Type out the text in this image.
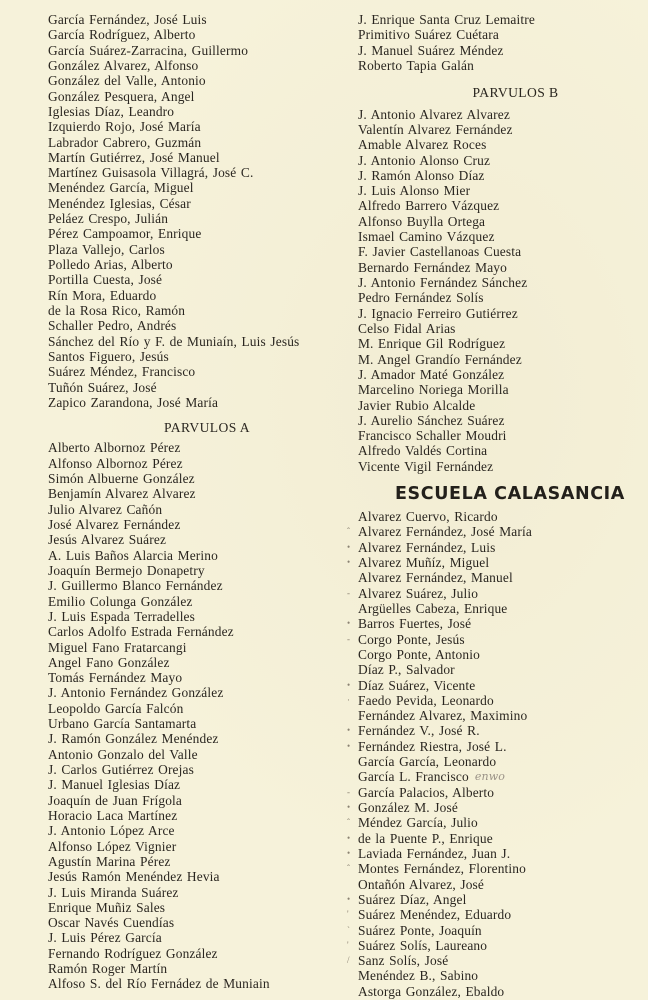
García Fernández, José Luis
García Rodríguez, Alberto
García Suárez-Zarracina, Guillermo
González Alvarez, Alfonso
González del Valle, Antonio
González Pesquera, Angel
Iglesias Díaz, Leandro
Izquierdo Rojo, José María
Labrador Cabrero, Guzmán
Martín Gutiérrez, José Manuel
Martínez Guisasola Villagrá, José C.
Menéndez García, Miguel
Menéndez Iglesias, César
Peláez Crespo, Julián
Pérez Campoamor, Enrique
Plaza Vallejo, Carlos
Polledo Arias, Alberto
Portilla Cuesta, José
Rín Mora, Eduardo
de la Rosa Rico, Ramón
Schaller Pedro, Andrés
Sánchez del Río y F. de Muniaín, Luis Jesús
Santos Figuero, Jesús
Suárez Méndez, Francisco
Tuñón Suárez, José
Zapico Zarandona, José María
PARVULOS A
Alberto Albornoz Pérez
Alfonso Albornoz Pérez
Simón Albuerne González
Benjamín Alvarez Alvarez
Julio Alvarez Cañón
José Alvarez Fernández
Jesús Alvarez Suárez
A. Luis Baños Alarcia Merino
Joaquín Bermejo Donapetry
J. Guillermo Blanco Fernández
Emilio Colunga González
J. Luis Espada Terradelles
Carlos Adolfo Estrada Fernández
Miguel Fano Fratarcangi
Angel Fano González
Tomás Fernández Mayo
J. Antonio Fernández González
Leopoldo García Falcón
Urbano García Santamarta
J. Ramón González Menéndez
Antonio Gonzalo del Valle
J. Carlos Gutiérrez Orejas
J. Manuel Iglesias Díaz
Joaquín de Juan Frígola
Horacio Laca Martínez
J. Antonio López Arce
Alfonso López Vignier
Agustín Marina Pérez
Jesús Ramón Menéndez Hevia
J. Luis Miranda Suárez
Enrique Muñiz Sales
Oscar Navés Cuendías
J. Luis Pérez García
Fernando Rodríguez González
Ramón Roger Martín
Alfoso S. del Río Fernádez de Muniain
J. Enrique Santa Cruz Lemaitre
Primitivo Suárez Cuétara
J. Manuel Suárez Méndez
Roberto Tapia Galán
PARVULOS B
J. Antonio Alvarez Alvarez
Valentín Alvarez Fernández
Amable Alvarez Roces
J. Antonio Alonso Cruz
J. Ramón Alonso Díaz
J. Luis Alonso Mier
Alfredo Barrero Vázquez
Alfonso Buylla Ortega
Ismael Camino Vázquez
F. Javier Castellanoas Cuesta
Bernardo Fernández Mayo
J. Antonio Fernández Sánchez
Pedro Fernández Solís
J. Ignacio Ferreiro Gutiérrez
Celso Fidal Arias
M. Enrique Gil Rodríguez
M. Angel Grandío Fernández
J. Amador Maté González
Marcelino Noriega Morilla
Javier Rubio Alcalde
J. Aurelio Sánchez Suárez
Francisco Schaller Moudri
Alfredo Valdés Cortina
Vicente Vigil Fernández
ESCUELA CALASANCIA
Alvarez Cuervo, Ricardo
ˆ Alvarez Fernández, José María
• Alvarez Fernández, Luis
• Alvarez Muñíz, Miguel
Alvarez Fernández, Manuel
‐ Alvarez Suárez, Julio
Argüelles Cabeza, Enrique
• Barros Fuertes, José
‐ Corgo Ponte, Jesús
Corgo Ponte, Antonio
Díaz P., Salvador
• Díaz Suárez, Vicente
· Faedo Pevida, Leonardo
Fernández Alvarez, Maximino
• Fernández V., José R.
• Fernández Riestra, José L.
García García, Leonardo
García L. Francisco enwo
- García Palacios, Alberto
• González M. José
ˆ Méndez García, Julio
• de la Puente P., Enrique
• Laviada Fernández, Juan J.
ˆ Montes Fernández, Florentino
Ontañón Alvarez, José
• Suárez Díaz, Angel
' Suárez Menéndez, Eduardo
ˋ Suárez Ponte, Joaquín
' Suárez Solís, Laureano
/ Sanz Solís, José
Menéndez B., Sabino
Astorga González, Ebaldo
